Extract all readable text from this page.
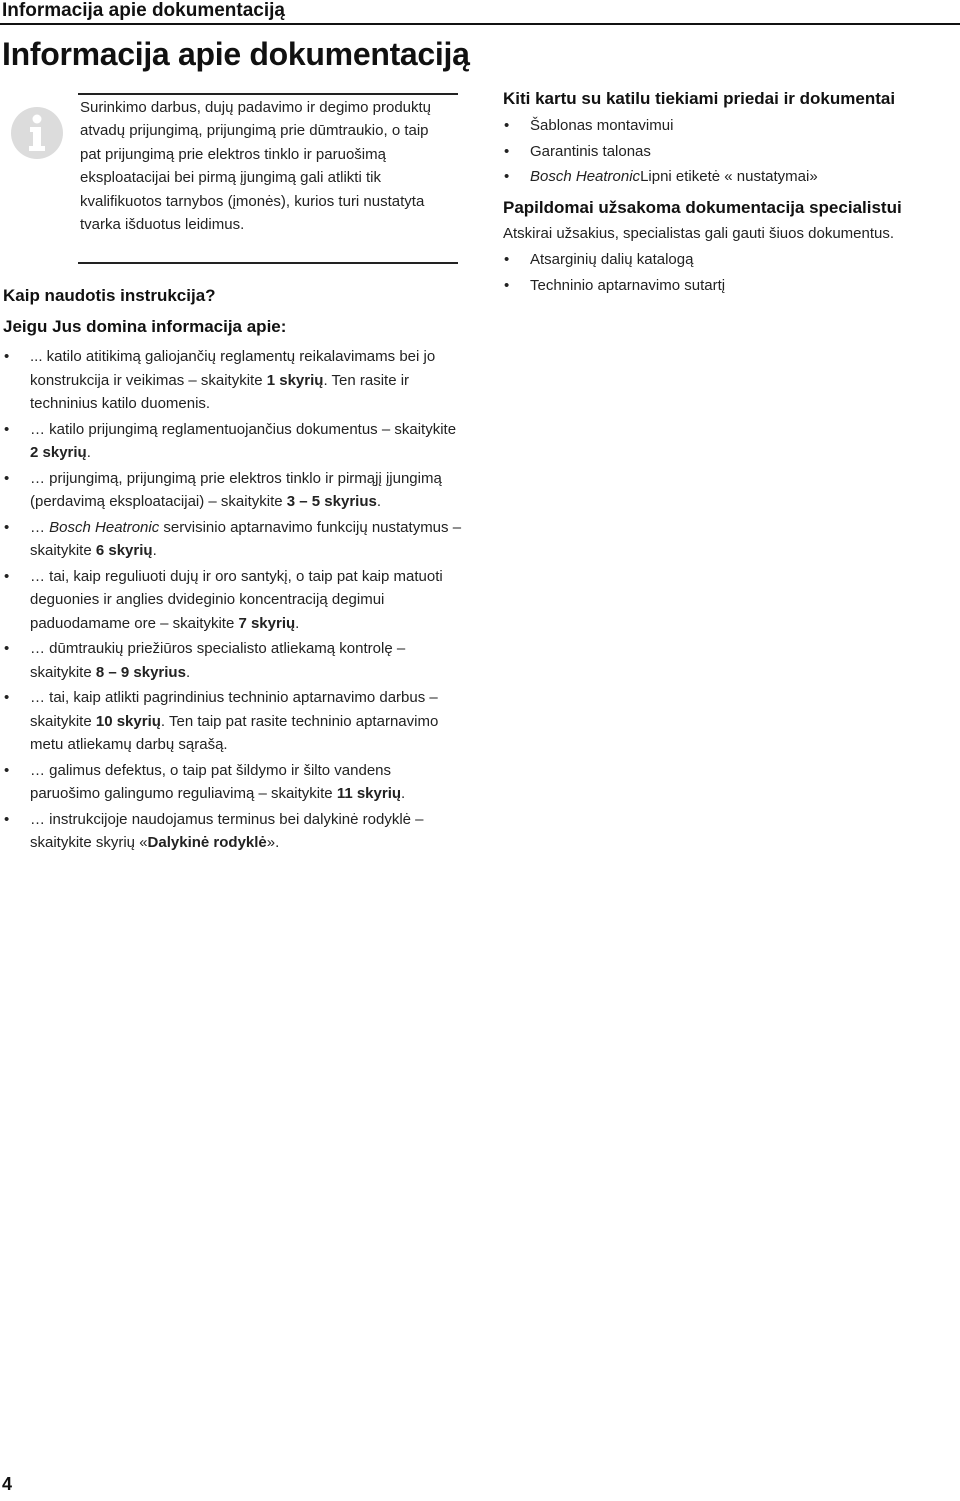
Informacija apie dokumentaciją
Informacija apie dokumentaciją
Surinkimo darbus, dujų padavimo ir degimo produktų atvadų prijungimą, prijungimą prie dūmtraukio, o taip pat prijungimą prie elektros tinklo ir paruošimą eksploatacijai bei pirmą įjungimą gali atlikti tik kvalifikuotos tarnybos (įmonės), kurios turi nustatyta tvarka išduotus leidimus.
Kaip naudotis instrukcija?
Jeigu Jus domina informacija apie:
• ... katilo atitikimą galiojančių reglamentų reikalavimams bei jo konstrukcija ir veikimas – skaitykite 1 skyrių. Ten rasite ir techninius katilo duomenis.
• … katilo prijungimą reglamentuojančius dokumentus – skaitykite 2 skyrių.
• … prijungimą, prijungimą prie elektros tinklo ir pirmąjį įjungimą (perdavimą eksploatacijai) – skaitykite 3 – 5 skyrius.
• … Bosch Heatronic servisinio aptarnavimo funkcijų nustatymus – skaitykite 6 skyrių.
• … tai, kaip reguliuoti dujų ir oro santykį, o taip pat kaip matuoti deguonies ir anglies dvideginio koncentraciją degimui paduodamame ore – skaitykite 7 skyrių.
• … dūmtraukių priežiūros specialisto atliekamą kontrolę – skaitykite 8 – 9 skyrius.
• … tai, kaip atlikti pagrindinius techninio aptarnavimo darbus – skaitykite 10 skyrių. Ten taip pat rasite techninio aptarnavimo metu atliekamų darbų sąrašą.
• … galimus defektus, o taip pat šildymo ir šilto vandens paruošimo galingumo reguliavimą – skaitykite 11 skyrių.
• … instrukcijoje naudojamus terminus bei dalykinė rodyklė – skaitykite skyrių «Dalykinė rodyklė».
Kiti kartu su katilu tiekiami priedai ir dokumentai
• Šablonas montavimui
• Garantinis talonas
• Bosch HeatronicLipni etiketė « nustatymai»
Papildomai užsakoma dokumentacija specialistui
Atskirai užsakius, specialistas gali gauti šiuos dokumentus.
• Atsarginių dalių katalogą
• Techninio aptarnavimo sutartį
4
